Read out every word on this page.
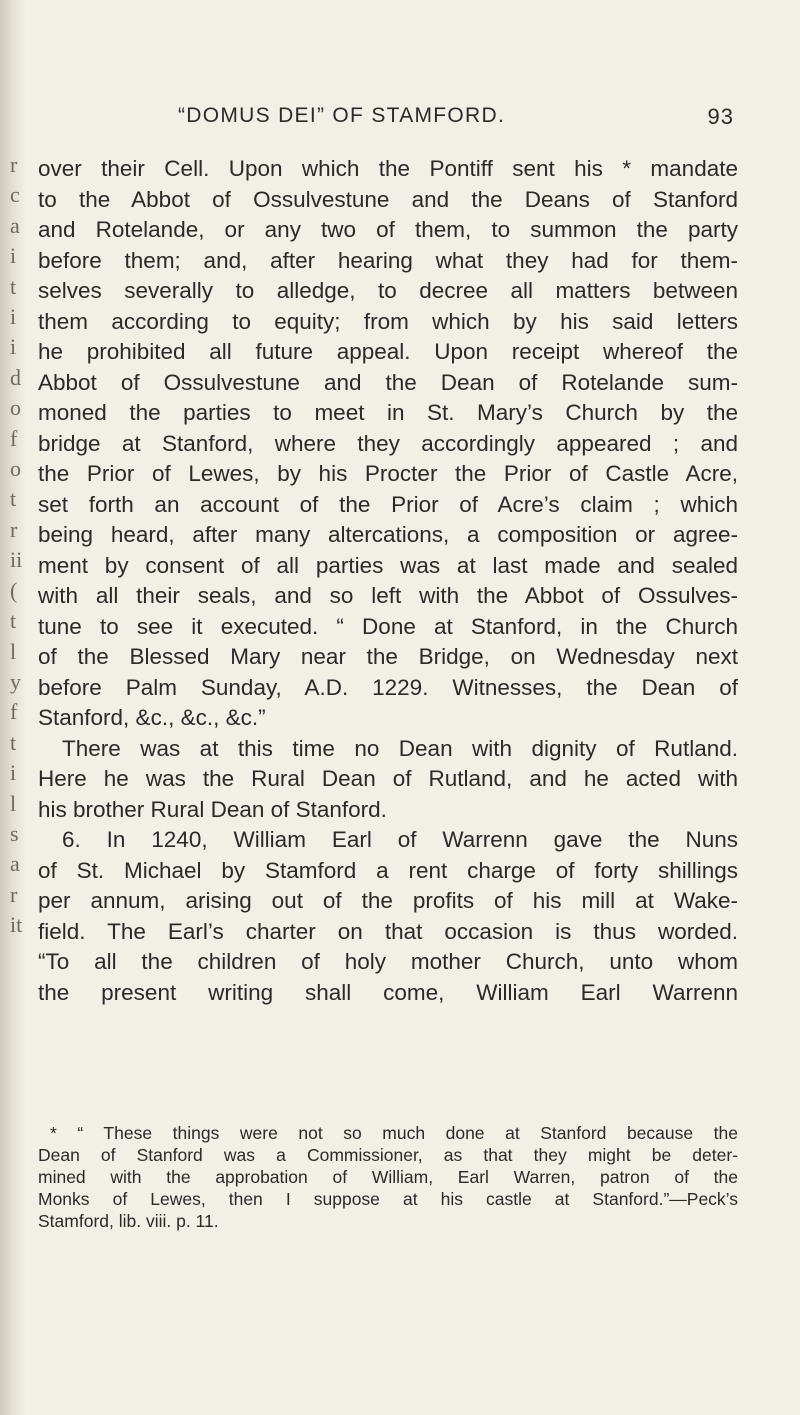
r
c
a
i
t
i
i
d
o
f
o
t
r
ii
(
t
l
y
f
t
i
l
s
a
r
it
“DOMUS DEI” OF STAMFORD.	93
over their Cell. Upon which the Pontiff sent his * mandate
to the Abbot of Ossulvestune and the Deans of Stanford
and Rotelande, or any two of them, to summon the party
before them; and, after hearing what they had for them-
selves severally to alledge, to decree all matters between
them according to equity; from which by his said letters
he prohibited all future appeal. Upon receipt whereof the
Abbot of Ossulvestune and the Dean of Rotelande sum-
moned the parties to meet in St. Mary’s Church by the
bridge at Stanford, where they accordingly appeared ; and
the Prior of Lewes, by his Procter the Prior of Castle Acre,
set forth an account of the Prior of Acre’s claim ; which
being heard, after many altercations, a composition or agree-
ment by consent of all parties was at last made and sealed
with all their seals, and so left with the Abbot of Ossulves-
tune to see it executed. “ Done at Stanford, in the Church
of the Blessed Mary near the Bridge, on Wednesday next
before Palm Sunday, A.D. 1229. Witnesses, the Dean of
Stanford, &c., &c., &c.”
There was at this time no Dean with dignity of Rutland.
Here he was the Rural Dean of Rutland, and he acted with
his brother Rural Dean of Stanford.
6. In 1240, William Earl of Warrenn gave the Nuns
of St. Michael by Stamford a rent charge of forty shillings
per annum, arising out of the profits of his mill at Wake-
field. The Earl’s charter on that occasion is thus worded.
“To all the children of holy mother Church, unto whom
the present writing shall come, William Earl Warrenn
* “ These things were not so much done at Stanford because the
Dean of Stanford was a Commissioner, as that they might be deter-
mined with the approbation of William, Earl Warren, patron of the
Monks of Lewes, then I suppose at his castle at Stanford.”—Peck’s
Stamford, lib. viii. p. 11.
